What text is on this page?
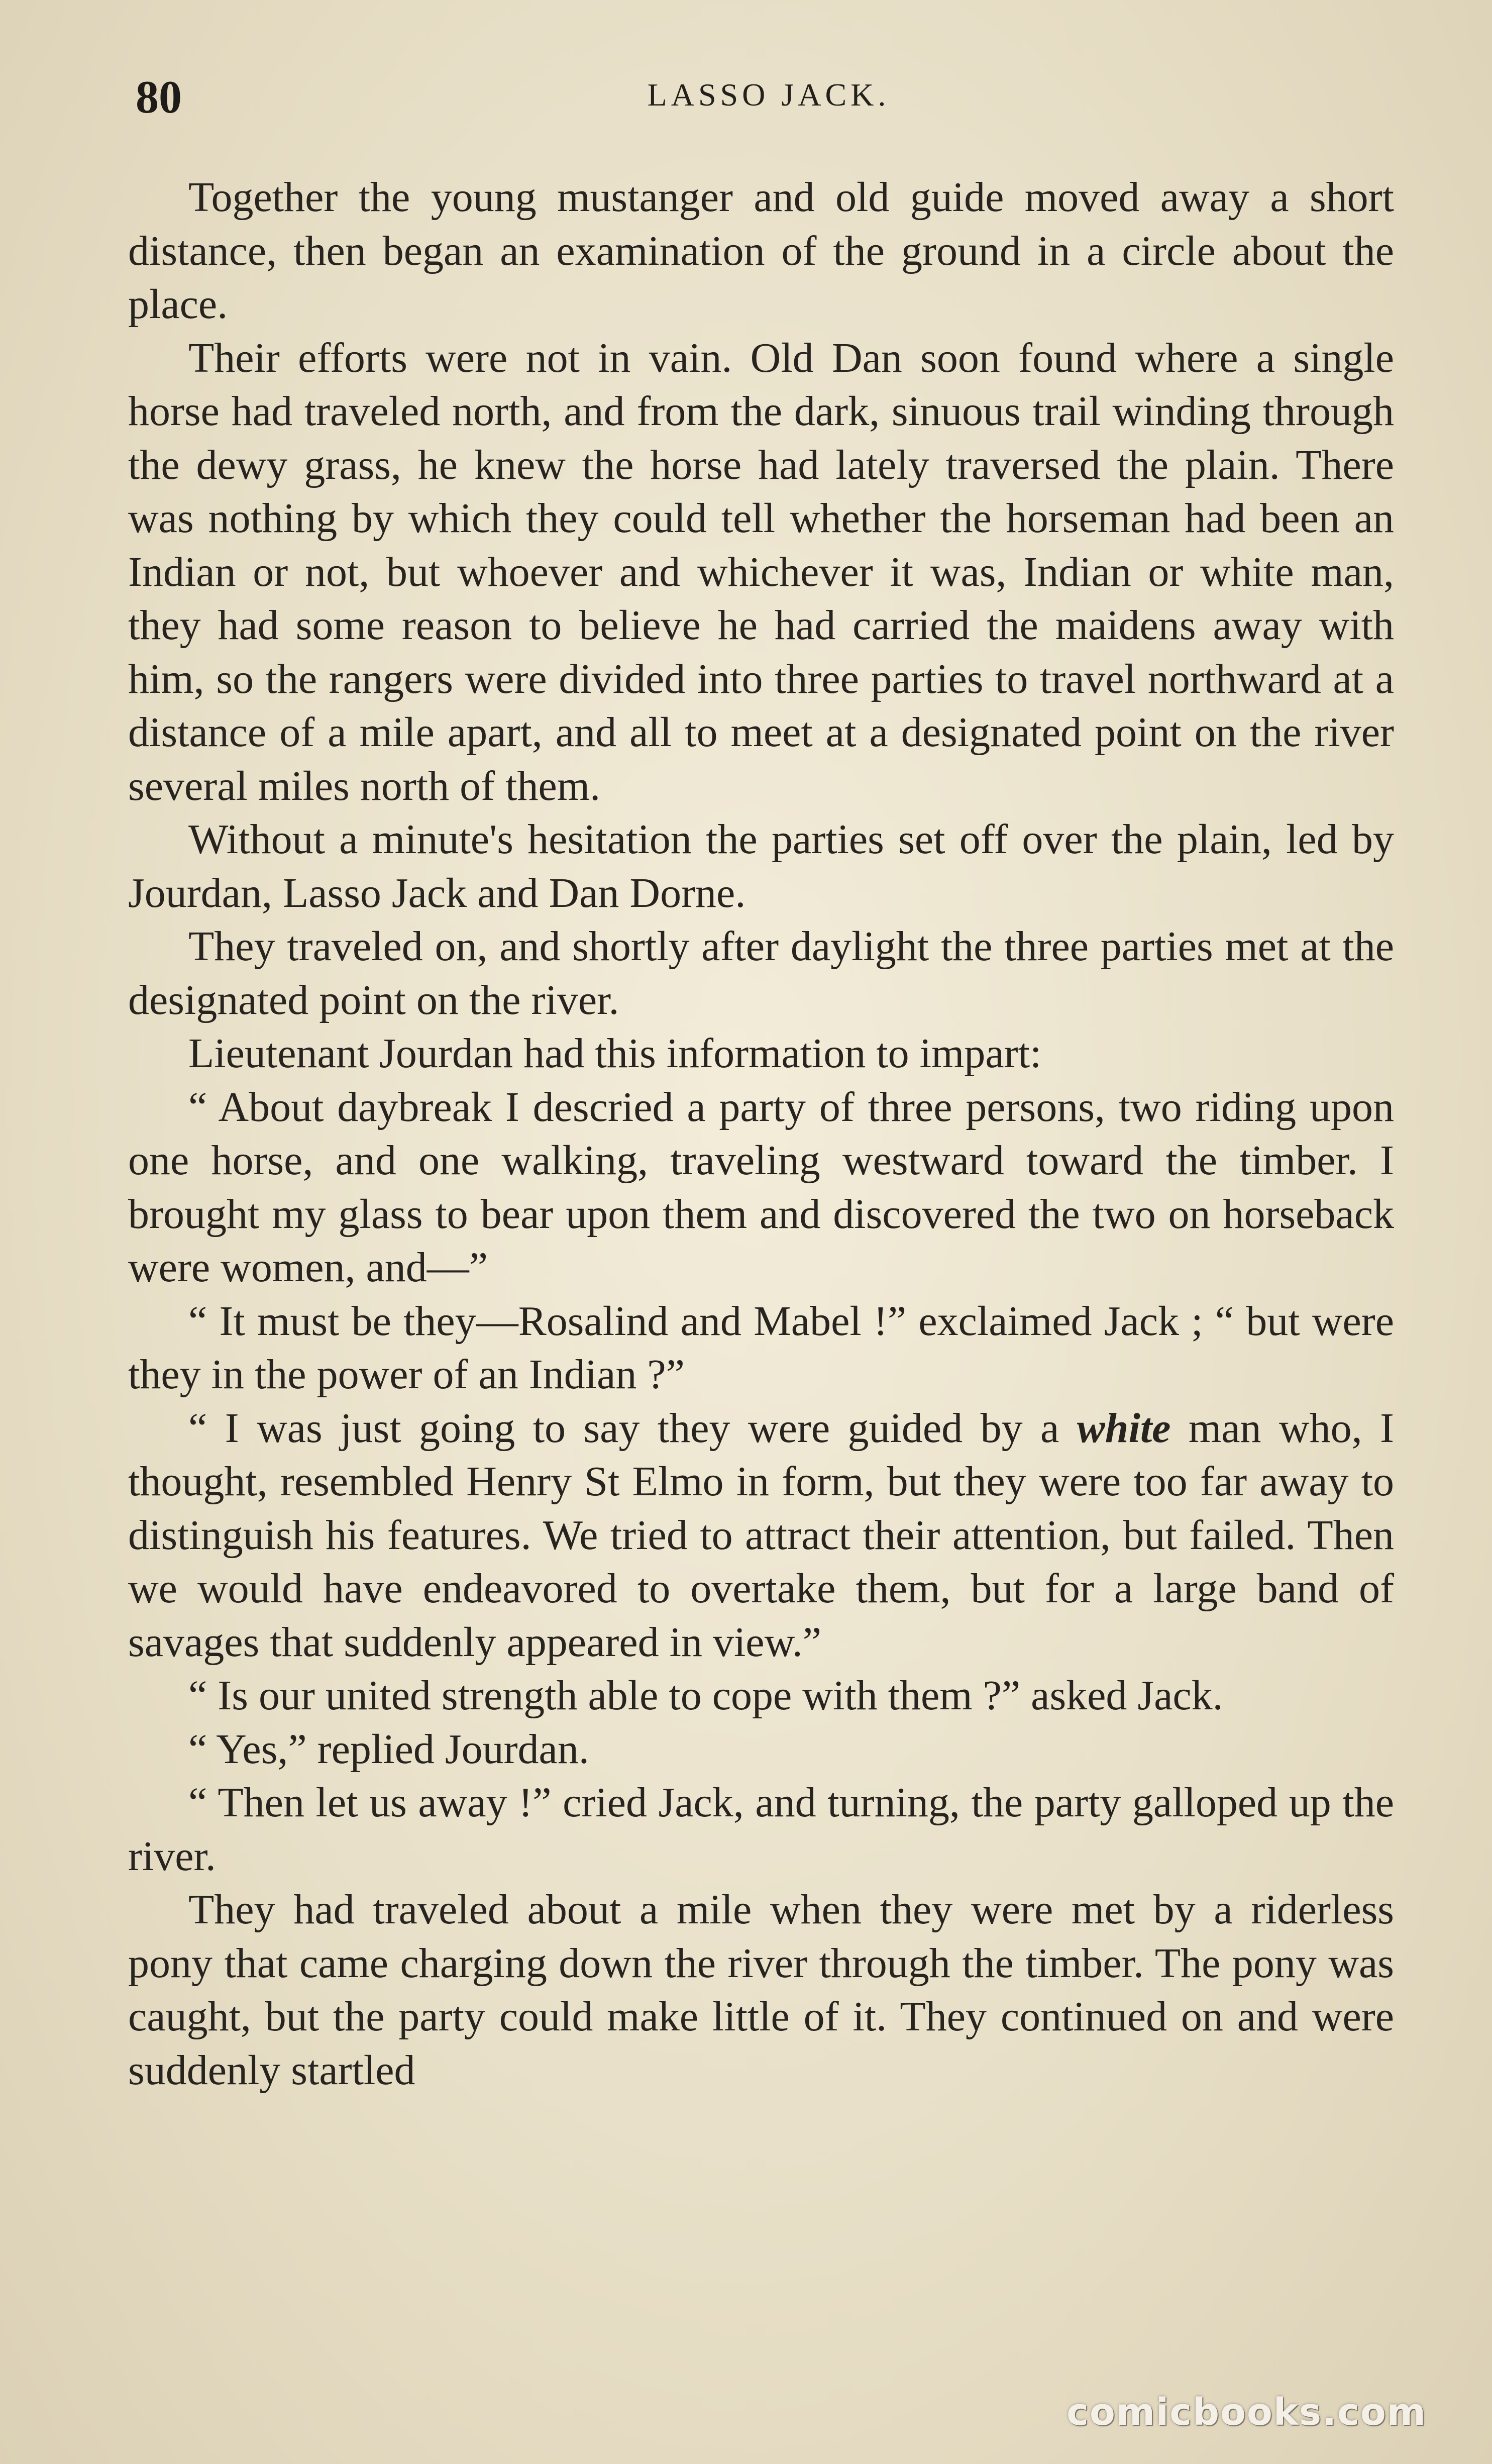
80	LASSO JACK.

Together the young mustanger and old guide moved away a short distance, then began an examination of the ground in a circle about the place.

Their efforts were not in vain. Old Dan soon found where a single horse had traveled north, and from the dark, sinuous trail winding through the dewy grass, he knew the horse had lately traversed the plain. There was nothing by which they could tell whether the horseman had been an Indian or not, but whoever and whichever it was, Indian or white man, they had some reason to believe he had carried the maidens away with him, so the rangers were divided into three parties to travel northward at a distance of a mile apart, and all to meet at a designated point on the river several miles north of them.

Without a minute's hesitation the parties set off over the plain, led by Jourdan, Lasso Jack and Dan Dorne.

They traveled on, and shortly after daylight the three parties met at the designated point on the river.

Lieutenant Jourdan had this information to impart:

“ About daybreak I descried a party of three persons, two riding upon one horse, and one walking, traveling westward toward the timber. I brought my glass to bear upon them and discovered the two on horseback were women, and—”

“ It must be they—Rosalind and Mabel !” exclaimed Jack ; “ but were they in the power of an Indian ?”

“ I was just going to say they were guided by a white man who, I thought, resembled Henry St Elmo in form, but they were too far away to distinguish his features. We tried to attract their attention, but failed. Then we would have endeavored to overtake them, but for a large band of savages that suddenly appeared in view.”

“ Is our united strength able to cope with them ?” asked Jack.

“ Yes,” replied Jourdan.

“ Then let us away !” cried Jack, and turning, the party galloped up the river.

They had traveled about a mile when they were met by a riderless pony that came charging down the river through the timber. The pony was caught, but the party could make little of it. They continued on and were suddenly startled

comicbooks.com
